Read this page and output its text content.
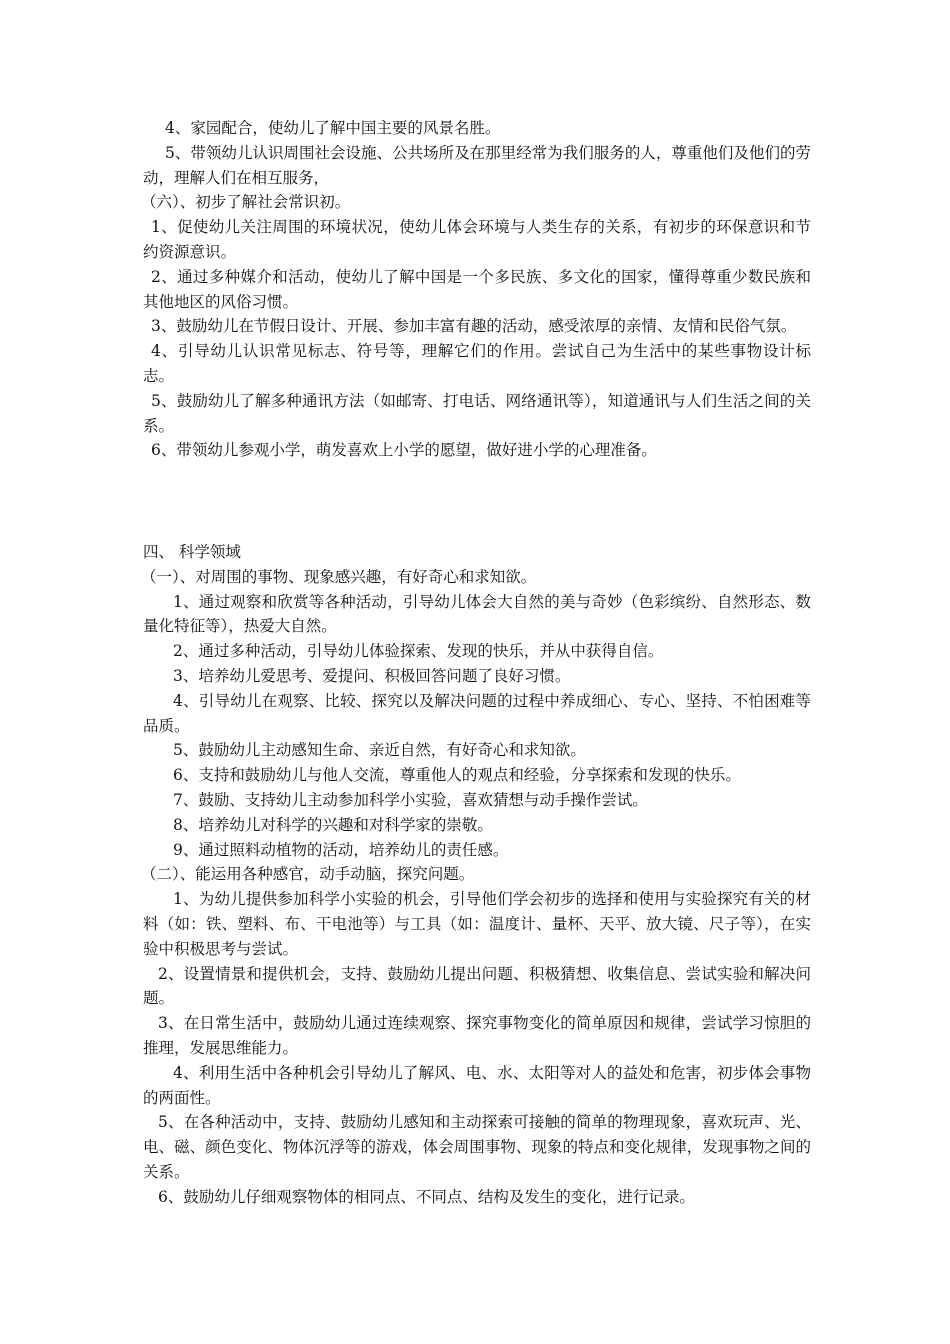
4、家园配合，使幼儿了解中国主要的风景名胜。

5、带领幼儿认识周围社会设施、公共场所及在那里经常为我们服务的人，尊重他们及他们的劳动，理解人们在相互服务，

（六）、初步了解社会常识初。

1、促使幼儿关注周围的环境状况，使幼儿体会环境与人类生存的关系，有初步的环保意识和节约资源意识。

2、通过多种媒介和活动，使幼儿了解中国是一个多民族、多文化的国家，懂得尊重少数民族和其他地区的风俗习惯。

3、鼓励幼儿在节假日设计、开展、参加丰富有趣的活动，感受浓厚的亲情、友情和民俗气氛。

4、引导幼儿认识常见标志、符号等，理解它们的作用。尝试自己为生活中的某些事物设计标志。

5、鼓励幼儿了解多种通讯方法（如邮寄、打电话、网络通讯等），知道通讯与人们生活之间的关系。

6、带领幼儿参观小学，萌发喜欢上小学的愿望，做好进小学的心理准备。

四、 科学领域

（一）、对周围的事物、现象感兴趣，有好奇心和求知欲。

1、通过观察和欣赏等各种活动，引导幼儿体会大自然的美与奇妙（色彩缤纷、自然形态、数量化特征等），热爱大自然。

2、通过多种活动，引导幼儿体验探索、发现的快乐，并从中获得自信。

3、培养幼儿爱思考、爱提问、积极回答问题了良好习惯。

4、引导幼儿在观察、比较、探究以及解决问题的过程中养成细心、专心、坚持、不怕困难等品质。

5、鼓励幼儿主动感知生命、亲近自然，有好奇心和求知欲。

6、支持和鼓励幼儿与他人交流，尊重他人的观点和经验，分享探索和发现的快乐。

7、鼓励、支持幼儿主动参加科学小实验，喜欢猜想与动手操作尝试。

8、培养幼儿对科学的兴趣和对科学家的崇敬。

9、通过照料动植物的活动，培养幼儿的责任感。

（二）、能运用各种感官，动手动脑，探究问题。

1、为幼儿提供参加科学小实验的机会，引导他们学会初步的选择和使用与实验探究有关的材料（如：铁、塑料、布、干电池等）与工具（如：温度计、量杯、天平、放大镜、尺子等），在实验中积极思考与尝试。

2、设置情景和提供机会，支持、鼓励幼儿提出问题、积极猜想、收集信息、尝试实验和解决问题。

3、在日常生活中，鼓励幼儿通过连续观察、探究事物变化的简单原因和规律，尝试学习惊胆的推理，发展思维能力。

4、利用生活中各种机会引导幼儿了解风、电、水、太阳等对人的益处和危害，初步体会事物的两面性。

5、在各种活动中，支持、鼓励幼儿感知和主动探索可接触的简单的物理现象，喜欢玩声、光、电、磁、颜色变化、物体沉浮等的游戏，体会周围事物、现象的特点和变化规律，发现事物之间的关系。

6、鼓励幼儿仔细观察物体的相同点、不同点、结构及发生的变化，进行记录。
